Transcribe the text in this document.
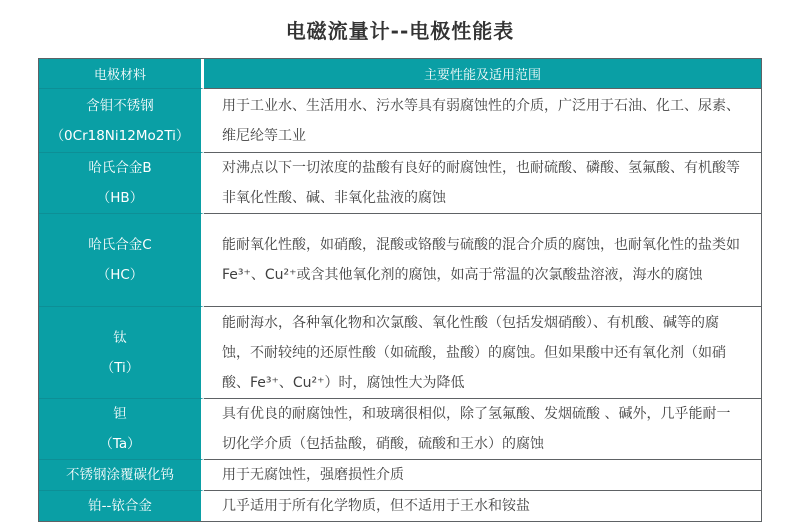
电磁流量计--电极性能表
电极材料	主要性能及适用范围

含钼不锈钢
（0Cr18Ni12Mo2Ti）	用于工业水、生活用水、污水等具有弱腐蚀性的介质，广泛用于石油、化工、尿素、维尼纶等工业

哈氏合金B
（HB）	对沸点以下一切浓度的盐酸有良好的耐腐蚀性，也耐硫酸、磷酸、氢氟酸、有机酸等非氧化性酸、碱、非氧化盐液的腐蚀

哈氏合金C
（HC）	能耐氧化性酸，如硝酸，混酸或铬酸与硫酸的混合介质的腐蚀，也耐氧化性的盐类如Fe³⁺、Cu²⁺或含其他氧化剂的腐蚀，如高于常温的次氯酸盐溶液，海水的腐蚀

钛
（Ti）	能耐海水，各种氧化物和次氯酸、氧化性酸（包括发烟硝酸）、有机酸、碱等的腐蚀，不耐较纯的还原性酸（如硫酸，盐酸）的腐蚀。但如果酸中还有氧化剂（如硝酸、Fe³⁺、Cu²⁺）时，腐蚀性大为降低

钽
（Ta）	具有优良的耐腐蚀性，和玻璃很相似，除了氢氟酸、发烟硫酸 、碱外，几乎能耐一切化学介质（包括盐酸，硝酸，硫酸和王水）的腐蚀

不锈钢涂覆碳化钨	用于无腐蚀性，强磨损性介质

铂--铱合金	几乎适用于所有化学物质，但不适用于王水和铵盐
